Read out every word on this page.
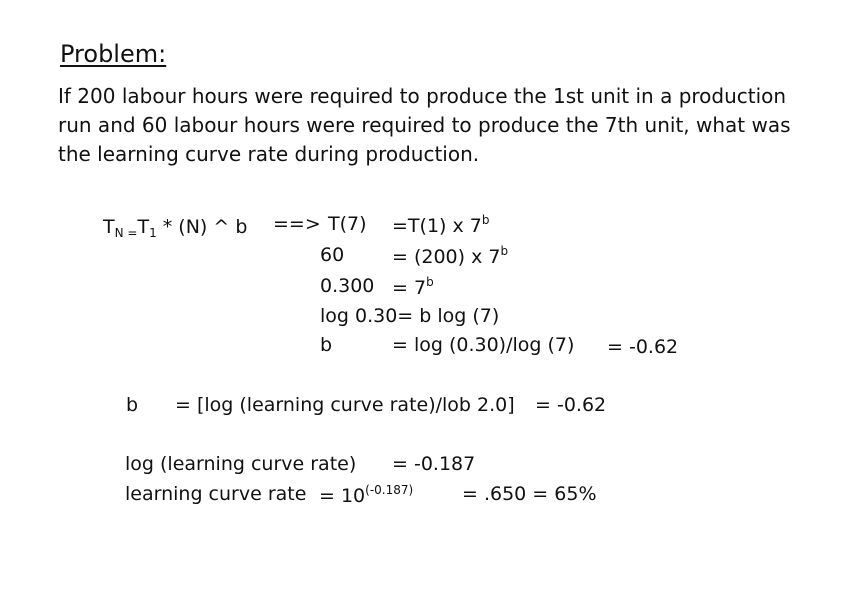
Problem:
If 200 labour hours were required to produce the 1st unit in a production run and 60 labour hours were required to produce the 7th unit, what was the learning curve rate during production.
$T_{N =}T_1 * (N)$ ^ b ==> T(7) =T(1) x 7$^b$
60	= (200) x 7$^b$
$0.300 = 7^b$
log 0.30= b log (7)
b	= log (0.30)/log (7) = -0.62
b = [log (learning curve rate)/lob 2.0] = -0.62
log (learning curve rate) = -0.187
learning curve rate = $10^{(-0.187)}$	= .650 = 65%
